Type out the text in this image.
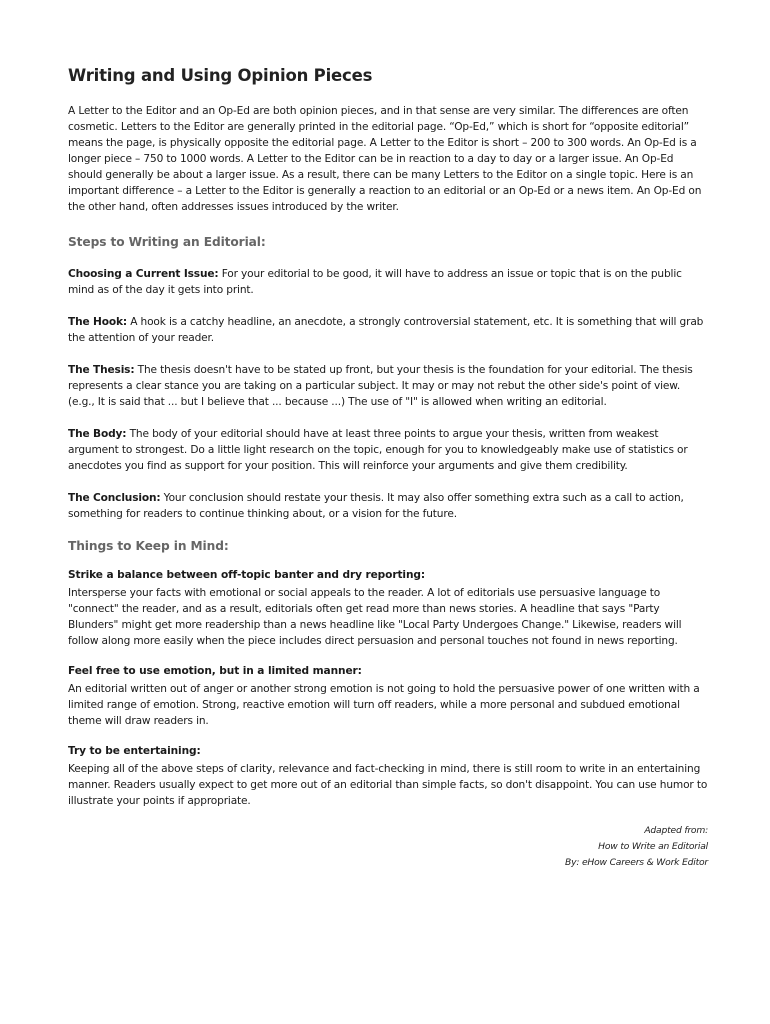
Writing and Using Opinion Pieces

A Letter to the Editor and an Op-Ed are both opinion pieces, and in that sense are very similar. The differences are often cosmetic. Letters to the Editor are generally printed in the editorial page. “Op-Ed,” which is short for “opposite editorial” means the page, is physically opposite the editorial page. A Letter to the Editor is short – 200 to 300 words. An Op-Ed is a longer piece – 750 to 1000 words. A Letter to the Editor can be in reaction to a day to day or a larger issue. An Op-Ed should generally be about a larger issue. As a result, there can be many Letters to the Editor on a single topic. Here is an important difference – a Letter to the Editor is generally a reaction to an editorial or an Op-Ed or a news item. An Op-Ed on the other hand, often addresses issues introduced by the writer.

Steps to Writing an Editorial:
Choosing a Current Issue: For your editorial to be good, it will have to address an issue or topic that is on the public mind as of the day it gets into print.
The Hook: A hook is a catchy headline, an anecdote, a strongly controversial statement, etc. It is something that will grab the attention of your reader.
The Thesis: The thesis doesn't have to be stated up front, but your thesis is the foundation for your editorial. The thesis represents a clear stance you are taking on a particular subject. It may or may not rebut the other side's point of view. (e.g., It is said that ... but I believe that ... because ...) The use of "I" is allowed when writing an editorial.
The Body: The body of your editorial should have at least three points to argue your thesis, written from weakest argument to strongest. Do a little light research on the topic, enough for you to knowledgeably make use of statistics or anecdotes you find as support for your position. This will reinforce your arguments and give them credibility.
The Conclusion: Your conclusion should restate your thesis. It may also offer something extra such as a call to action, something for readers to continue thinking about, or a vision for the future.
Things to Keep in Mind:
Strike a balance between off-topic banter and dry reporting:

Intersperse your facts with emotional or social appeals to the reader. A lot of editorials use persuasive language to "connect" the reader, and as a result, editorials often get read more than news stories. A headline that says "Party Blunders" might get more readership than a news headline like "Local Party Undergoes Change." Likewise, readers will follow along more easily when the piece includes direct persuasion and personal touches not found in news reporting.

Feel free to use emotion, but in a limited manner:

An editorial written out of anger or another strong emotion is not going to hold the persuasive power of one written with a limited range of emotion. Strong, reactive emotion will turn off readers, while a more personal and subdued emotional theme will draw readers in.

Try to be entertaining:

Keeping all of the above steps of clarity, relevance and fact-checking in mind, there is still room to write in an entertaining manner. Readers usually expect to get more out of an editorial than simple facts, so don't disappoint. You can use humor to illustrate your points if appropriate.

Adapted from:
How to Write an Editorial
By: eHow Careers & Work Editor
